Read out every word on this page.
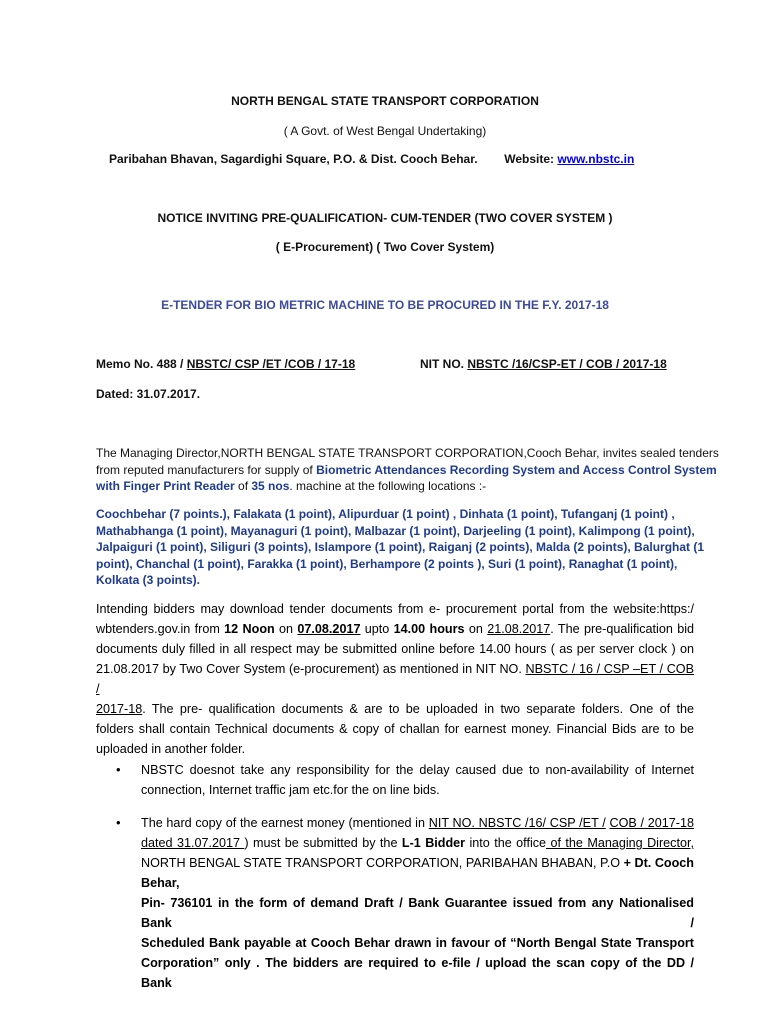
NORTH BENGAL STATE TRANSPORT CORPORATION
( A Govt. of West Bengal Undertaking)
Paribahan Bhavan, Sagardighi Square, P.O. & Dist. Cooch Behar. Website: www.nbstc.in
NOTICE INVITING PRE-QUALIFICATION- CUM-TENDER (TWO COVER SYSTEM )
( E-Procurement) ( Two Cover System)
E-TENDER FOR BIO METRIC MACHINE TO BE PROCURED IN THE F.Y. 2017-18
Memo No. 488 / NBSTC/ CSP /ET /COB / 17-18	NIT NO. NBSTC /16/CSP-ET / COB / 2017-18
Dated: 31.07.2017.
The Managing Director,NORTH BENGAL STATE TRANSPORT CORPORATION,Cooch Behar, invites sealed tenders
from reputed manufacturers for supply of Biometric Attendances Recording System and Access Control System
with Finger Print Reader of 35 nos. machine at the following locations :-
Coochbehar (7 points.), Falakata (1 point), Alipurduar (1 point) , Dinhata (1 point), Tufanganj (1 point) ,
Mathabhanga (1 point), Mayanaguri (1 point), Malbazar (1 point), Darjeeling (1 point), Kalimpong (1 point),
Jalpaiguri (1 point), Siliguri (3 points), Islampore (1 point), Raiganj (2 points), Malda (2 points), Balurghat (1
point), Chanchal (1 point), Farakka (1 point), Berhampore (2 points ), Suri (1 point), Ranaghat (1 point),
Kolkata (3 points).
Intending bidders may download tender documents from e- procurement portal from the website:https:/
wbtenders.gov.in from 12 Noon on 07.08.2017 upto 14.00 hours on 21.08.2017. The pre-qualification bid
documents duly filled in all respect may be submitted online before 14.00 hours ( as per server clock ) on
21.08.2017 by Two Cover System (e-procurement) as mentioned in NIT NO. NBSTC / 16 / CSP –ET / COB /
2017-18. The pre- qualification documents & are to be uploaded in two separate folders. One of the
folders shall contain Technical documents & copy of challan for earnest money. Financial Bids are to be
uploaded in another folder.
• NBSTC doesnot take any responsibility for the delay caused due to non-availability of Internet
connection, Internet traffic jam etc.for the on line bids.
• The hard copy of the earnest money (mentioned in NIT NO. NBSTC /16/ CSP /ET / COB / 2017-18
dated 31.07.2017 ) must be submitted by the L-1 Bidder into the office of the Managing Director,
NORTH BENGAL STATE TRANSPORT CORPORATION, PARIBAHAN BHABAN, P.O + Dt. Cooch Behar,
Pin- 736101 in the form of demand Draft / Bank Guarantee issued from any Nationalised Bank /
Scheduled Bank payable at Cooch Behar drawn in favour of “North Bengal State Transport
Corporation” only . The bidders are required to e-file / upload the scan copy of the DD / Bank
